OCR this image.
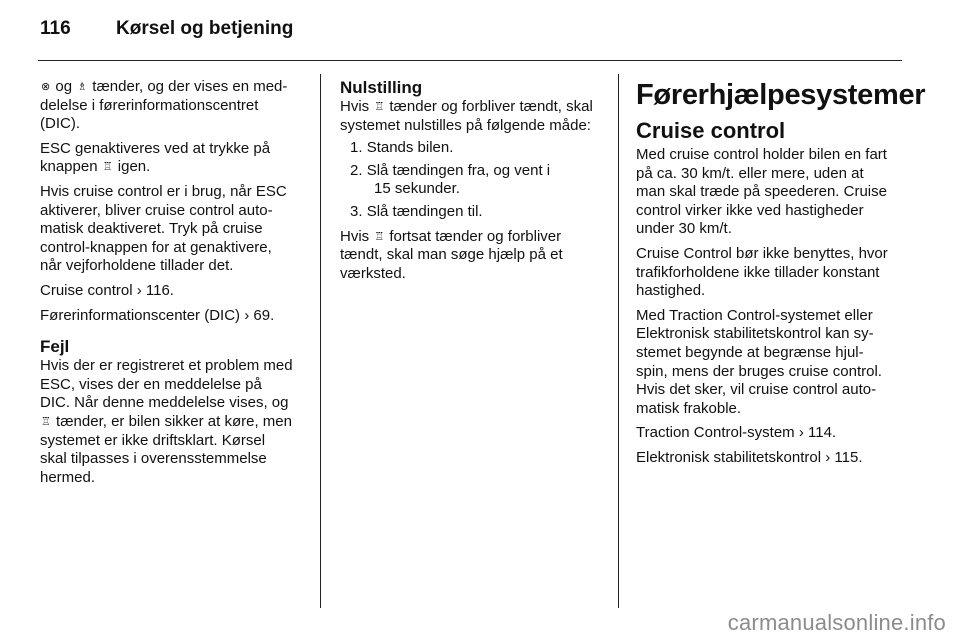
116 Kørsel og betjening

⊗ og ♗ tænder, og der vises en med-
delelse i førerinformationscentret
(DIC).

ESC genaktiveres ved at trykke på
knappen ♖ igen.

Hvis cruise control er i brug, når ESC
aktiverer, bliver cruise control auto-
matisk deaktiveret. Tryk på cruise
control-knappen for at genaktivere,
når vejforholdene tillader det.

Cruise control › 116.

Førerinformationscenter (DIC) › 69.

Fejl

Hvis der er registreret et problem med
ESC, vises der en meddelelse på
DIC. Når denne meddelelse vises, og
♖ tænder, er bilen sikker at køre, men
systemet er ikke driftsklart. Kørsel
skal tilpasses i overensstemmelse
hermed.

Nulstilling

Hvis ♖ tænder og forbliver tændt, skal
systemet nulstilles på følgende måde:

1. Stands bilen.
2. Slå tændingen fra, og vent i
15 sekunder.
3. Slå tændingen til.

Hvis ♖ fortsat tænder og forbliver
tændt, skal man søge hjælp på et
værksted.

Førerhjælpesystemer
Cruise control

Med cruise control holder bilen en fart
på ca. 30 km/t. eller mere, uden at
man skal træde på speederen. Cruise
control virker ikke ved hastigheder
under 30 km/t.

Cruise Control bør ikke benyttes, hvor
trafikforholdene ikke tillader konstant
hastighed.

Med Traction Control-systemet eller
Elektronisk stabilitetskontrol kan sy-
stemet begynde at begrænse hjul-
spin, mens der bruges cruise control.
Hvis det sker, vil cruise control auto-
matisk frakoble.

Traction Control-system › 114.

Elektronisk stabilitetskontrol › 115.

carmanualsonline.info
